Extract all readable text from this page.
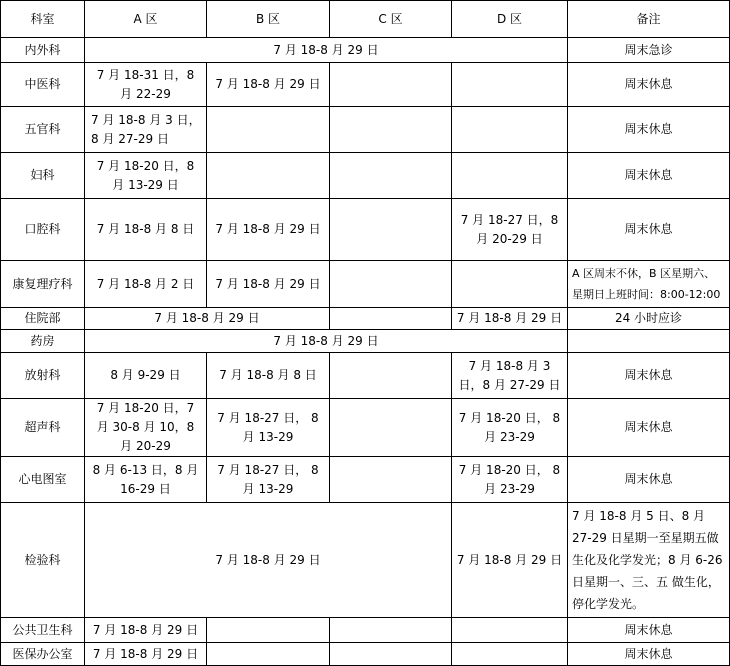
科室	A 区	B 区	C 区	D 区	备注
内外科	7 月 18-8 月 29 日				周末急诊
中医科	7 月 18-31 日，8 月 22-29	7 月 18-8 月 29 日			周末休息
五官科	7 月 18-8 月 3 日，8 月 27-29 日				周末休息
妇科	7 月 18-20 日，8 月 13-29 日				周末休息
口腔科	7 月 18-8 月 8 日	7 月 18-8 月 29 日		7 月 18-27 日，8 月 20-29 日	周末休息
康复理疗科	7 月 18-8 月 2 日	7 月 18-8 月 29 日			A 区周末不休，B 区星期六、星期日上班时间：8:00-12:00
住院部	7 月 18-8 月 29 日			7 月 18-8 月 29 日	24 小时应诊
药房	7 月 18-8 月 29 日				
放射科	8 月 9-29 日	7 月 18-8 月 8 日		7 月 18-8 月 3 日，8 月 27-29 日	周末休息
超声科	7 月 18-20 日，7 月 30-8 月 10，8 月 20-29	7 月 18-27 日， 8 月 13-29		7 月 18-20 日， 8 月 23-29	周末休息
心电图室	8 月 6-13 日，8 月 16-29 日	7 月 18-27 日， 8 月 13-29		7 月 18-20 日， 8 月 23-29	周末休息
检验科	7 月 18-8 月 29 日			7 月 18-8 月 29 日	7 月 18-8 月 5 日、8 月 27-29 日星期一至星期五做生化及化学发光；8 月 6-26 日星期一、三、五 做生化，停化学发光。
公共卫生科	7 月 18-8 月 29 日				周末休息
医保办公室	7 月 18-8 月 29 日				周末休息
